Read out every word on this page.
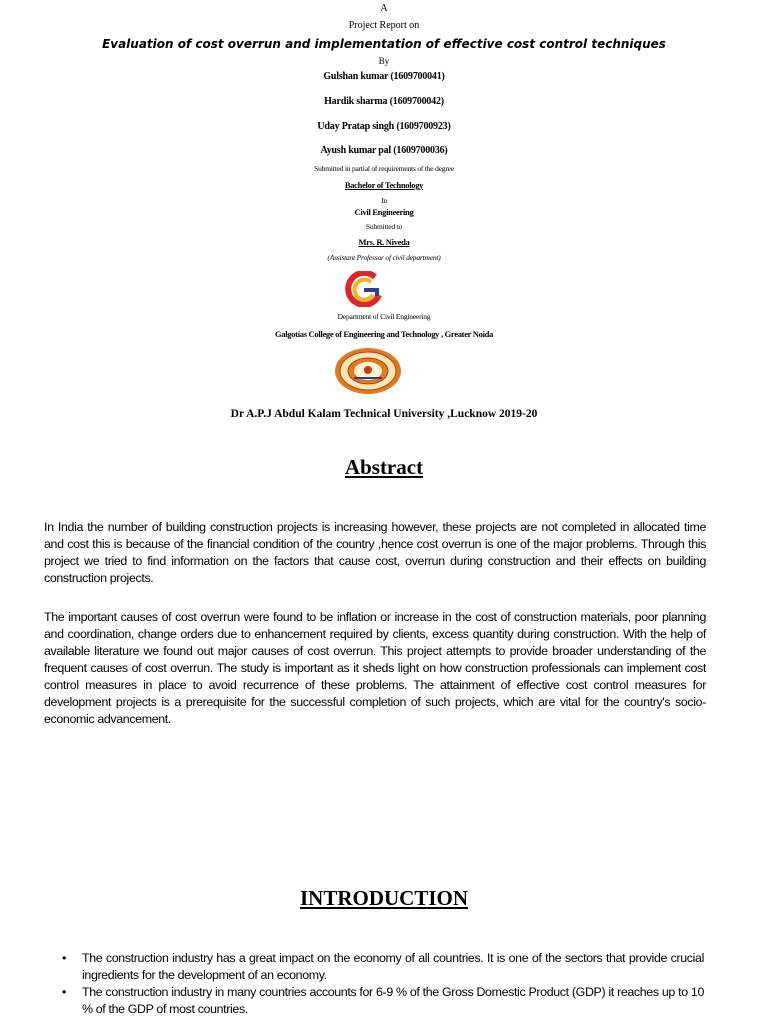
A
Project Report on
Evaluation of cost overrun and implementation of effective cost control techniques
By
Gulshan kumar (1609700041)
Hardik sharma (1609700042)
Uday Pratap singh (1609700923)
Ayush kumar pal (1609700036)
Submitted in partial of requirements of the degree
Bachelor of Technology
In
Civil Engineering
Submitted to
Mrs. R. Niveda
(Assistant Professor of civil department)
Department of Civil Engineering
Galgotias College of Engineering and Technology , Greater Noida
Dr A.P.J Abdul Kalam Technical University ,Lucknow 2019-20
Abstract
In India the number of building construction projects is increasing however, these projects are not completed in allocated time and cost this is because of the financial condition of the country ,hence cost overrun is one of the major problems. Through this project we tried to find information on the factors that cause cost, overrun during construction and their effects on building construction projects.
The important causes of cost overrun were found to be inflation or increase in the cost of construction materials, poor planning and coordination, change orders due to enhancement required by clients, excess quantity during construction. With the help of available literature we found out major causes of cost overrun. This project attempts to provide broader understanding of the frequent causes of cost overrun. The study is important as it sheds light on how construction professionals can implement cost control measures in place to avoid recurrence of these problems. The attainment of effective cost control measures for development projects is a prerequisite for the successful completion of such projects, which are vital for the country's socio-economic advancement.
INTRODUCTION
• The construction industry has a great impact on the economy of all countries. It is one of the sectors that provide crucial ingredients for the development of an economy.
• The construction industry in many countries accounts for 6-9 % of the Gross Domestic Product (GDP) it reaches up to 10 % of the GDP of most countries.
